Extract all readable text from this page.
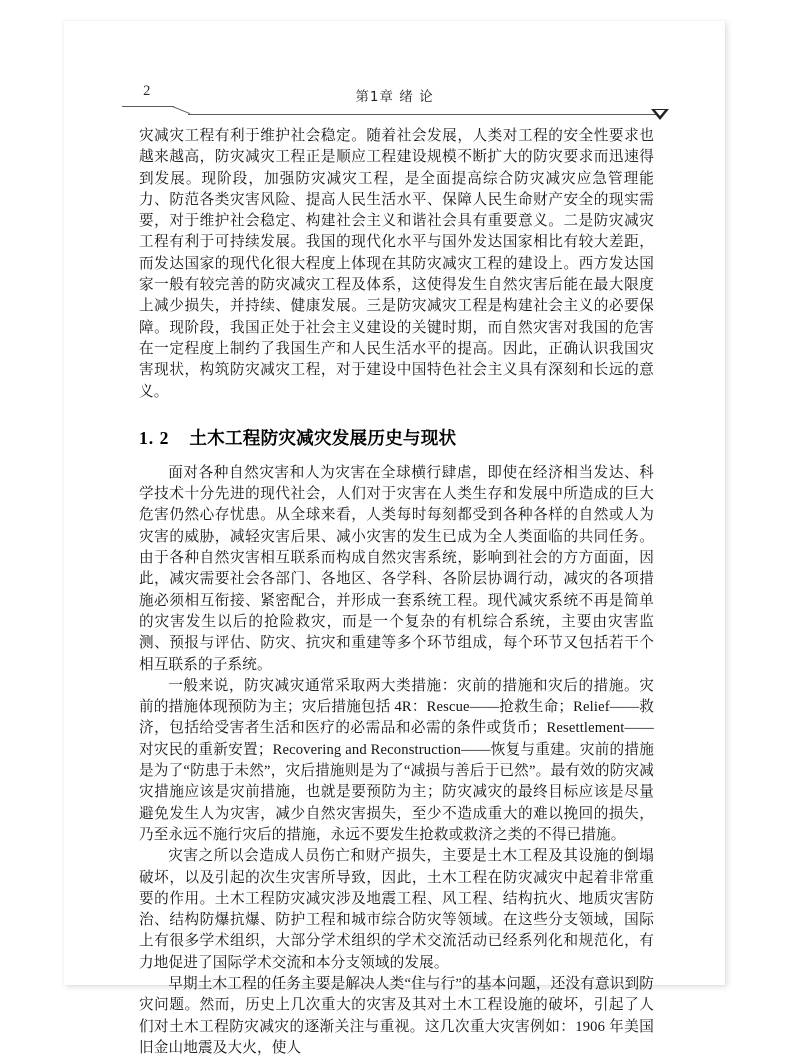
2	第1章 绪 论

灾减灾工程有利于维护社会稳定。随着社会发展，人类对工程的安全性要求也越来越高，防灾减灾工程正是顺应工程建设规模不断扩大的防灾要求而迅速得到发展。现阶段，加强防灾减灾工程，是全面提高综合防灾减灾应急管理能力、防范各类灾害风险、提高人民生活水平、保障人民生命财产安全的现实需要，对于维护社会稳定、构建社会主义和谐社会具有重要意义。二是防灾减灾工程有利于可持续发展。我国的现代化水平与国外发达国家相比有较大差距，而发达国家的现代化很大程度上体现在其防灾减灾工程的建设上。西方发达国家一般有较完善的防灾减灾工程及体系，这使得发生自然灾害后能在最大限度上减少损失，并持续、健康发展。三是防灾减灾工程是构建社会主义的必要保障。现阶段，我国正处于社会主义建设的关键时期，而自然灾害对我国的危害在一定程度上制约了我国生产和人民生活水平的提高。因此，正确认识我国灾害现状，构筑防灾减灾工程，对于建设中国特色社会主义具有深刻和长远的意义。

1. 2 土木工程防灾减灾发展历史与现状

面对各种自然灾害和人为灾害在全球横行肆虐，即使在经济相当发达、科学技术十分先进的现代社会，人们对于灾害在人类生存和发展中所造成的巨大危害仍然心存忧患。从全球来看，人类每时每刻都受到各种各样的自然或人为灾害的威胁，减轻灾害后果、减小灾害的发生已成为全人类面临的共同任务。由于各种自然灾害相互联系而构成自然灾害系统，影响到社会的方方面面，因此，减灾需要社会各部门、各地区、各学科、各阶层协调行动，减灾的各项措施必须相互衔接、紧密配合，并形成一套系统工程。现代减灾系统不再是简单的灾害发生以后的抢险救灾，而是一个复杂的有机综合系统，主要由灾害监测、预报与评估、防灾、抗灾和重建等多个环节组成，每个环节又包括若干个相互联系的子系统。

一般来说，防灾减灾通常采取两大类措施：灾前的措施和灾后的措施。灾前的措施体现预防为主；灾后措施包括 4R：Rescue——抢救生命；Relief——救济，包括给受害者生活和医疗的必需品和必需的条件或货币；Resettlement——对灾民的重新安置；Recovering and Reconstruction——恢复与重建。灾前的措施是为了“防患于未然”，灾后措施则是为了“减损与善后于已然”。最有效的防灾减灾措施应该是灾前措施，也就是要预防为主；防灾减灾的最终目标应该是尽量避免发生人为灾害，减少自然灾害损失，至少不造成重大的难以挽回的损失，乃至永远不施行灾后的措施，永远不要发生抢救或救济之类的不得已措施。

灾害之所以会造成人员伤亡和财产损失，主要是土木工程及其设施的倒塌破坏，以及引起的次生灾害所导致，因此，土木工程在防灾减灾中起着非常重要的作用。土木工程防灾减灾涉及地震工程、风工程、结构抗火、地质灾害防治、结构防爆抗爆、防护工程和城市综合防灾等领域。在这些分支领域，国际上有很多学术组织，大部分学术组织的学术交流活动已经系列化和规范化，有力地促进了国际学术交流和本分支领域的发展。

早期土木工程的任务主要是解决人类“住与行”的基本问题，还没有意识到防灾问题。然而，历史上几次重大的灾害及其对土木工程设施的破坏，引起了人们对土木工程防灾减灾的逐渐关注与重视。这几次重大灾害例如：1906 年美国旧金山地震及大火，使人
